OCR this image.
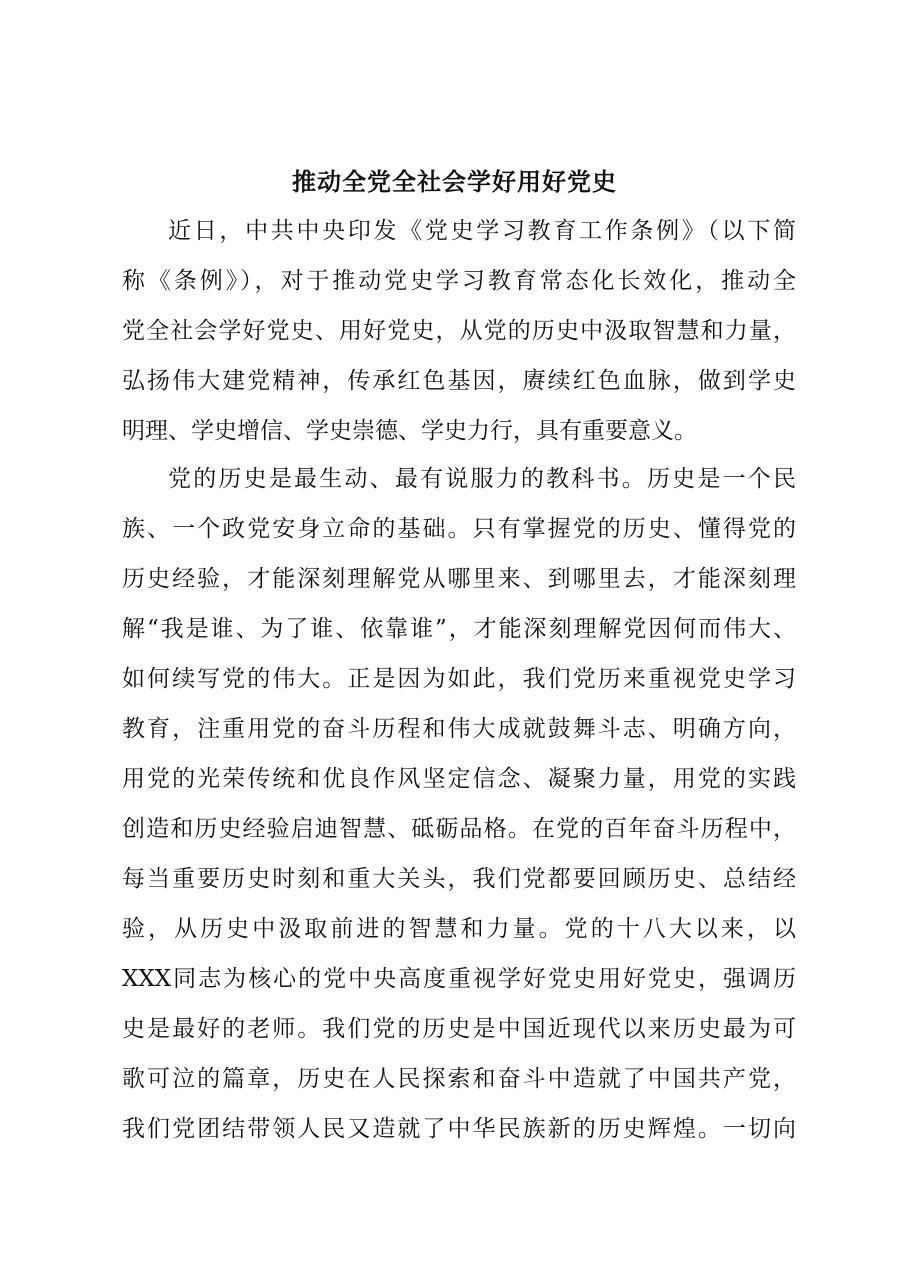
推动全党全社会学好用好党史

近日，中共中央印发《党史学习教育工作条例》（以下简

称《条例》），对于推动党史学习教育常态化长效化，推动全

党全社会学好党史、用好党史，从党的历史中汲取智慧和力量，

弘扬伟大建党精神，传承红色基因，赓续红色血脉，做到学史

明理、学史增信、学史崇德、学史力行，具有重要意义。

党的历史是最生动、最有说服力的教科书。历史是一个民

族、一个政党安身立命的基础。只有掌握党的历史、懂得党的

历史经验，才能深刻理解党从哪里来、到哪里去，才能深刻理

解“我是谁、为了谁、依靠谁”，才能深刻理解党因何而伟大、

如何续写党的伟大。正是因为如此，我们党历来重视党史学习

教育，注重用党的奋斗历程和伟大成就鼓舞斗志、明确方向，

用党的光荣传统和优良作风坚定信念、凝聚力量，用党的实践

创造和历史经验启迪智慧、砥砺品格。在党的百年奋斗历程中，

每当重要历史时刻和重大关头，我们党都要回顾历史、总结经

验，从历史中汲取前进的智慧和力量。党的十八大以来，以

XXX同志为核心的党中央高度重视学好党史用好党史，强调历

史是最好的老师。我们党的历史是中国近现代以来历史最为可

歌可泣的篇章，历史在人民探索和奋斗中造就了中国共产党，

我们党团结带领人民又造就了中华民族新的历史辉煌。一切向
